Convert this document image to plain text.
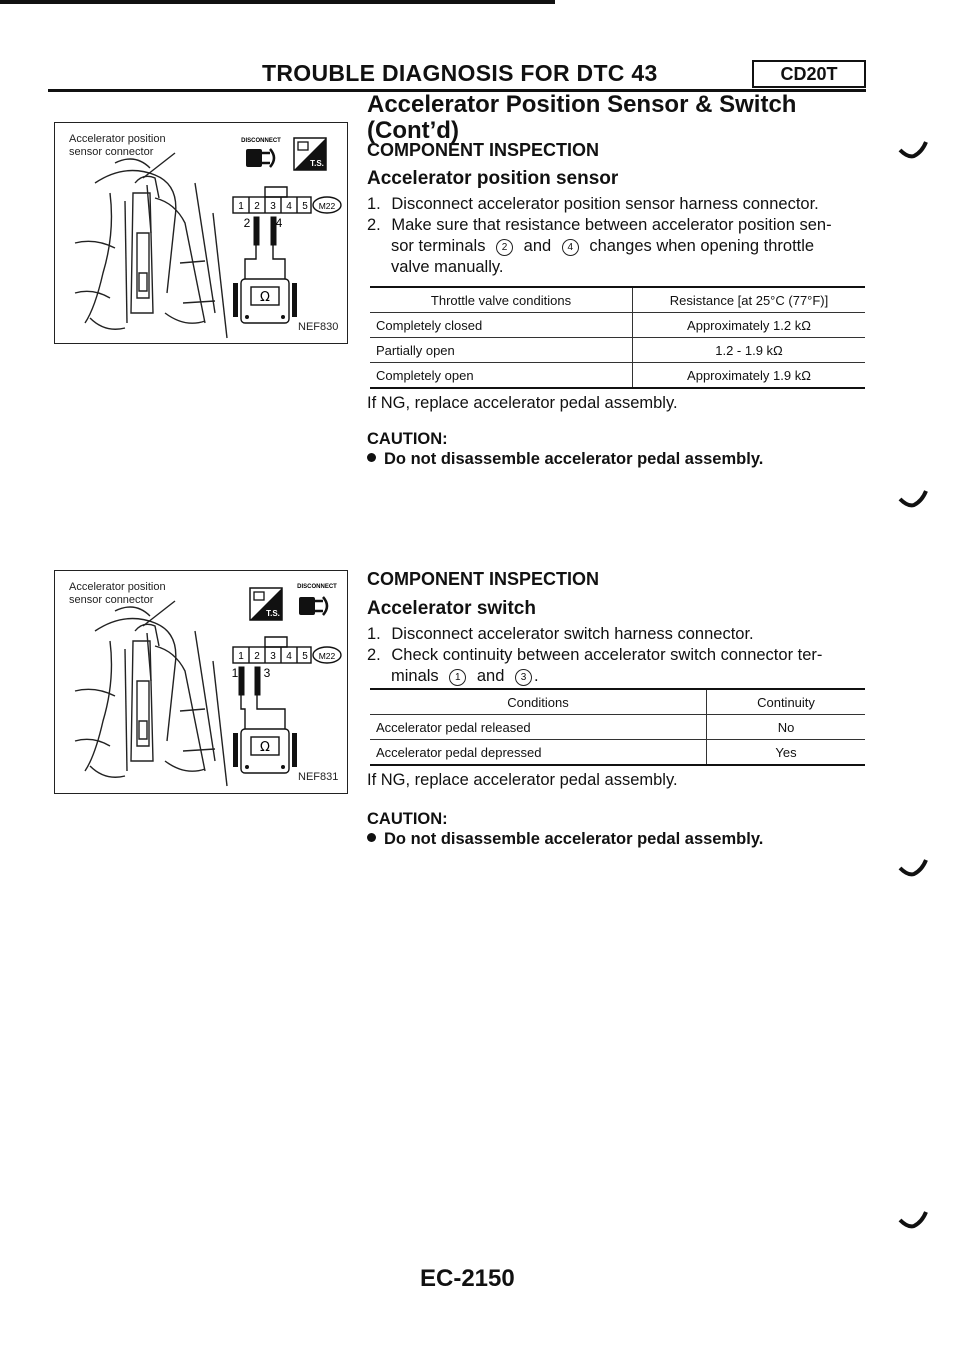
TROUBLE DIAGNOSIS FOR DTC 43	CD20T
Accelerator Position Sensor & Switch
(Cont’d)
Accelerator position
sensor connector
DISCONNECT
T.S.
1 2 3 4 5 M22
2 4
Ω
NEF830
COMPONENT INSPECTION
Accelerator position sensor
1. Disconnect accelerator position sensor harness connector.
2. Make sure that resistance between accelerator position sen-
sor terminals 2 and 4 changes when opening throttle
valve manually.
Throttle valve conditions	Resistance [at 25°C (77°F)]
Completely closed	Approximately 1.2 kΩ
Partially open	1.2 - 1.9 kΩ
Completely open	Approximately 1.9 kΩ
If NG, replace accelerator pedal assembly.
CAUTION:
Do not disassemble accelerator pedal assembly.
Accelerator position
sensor connector
T.S.
DISCONNECT
1 2 3 4 5 M22
1 3
Ω
NEF831
COMPONENT INSPECTION
Accelerator switch
1. Disconnect accelerator switch harness connector.
2. Check continuity between accelerator switch connector ter-
minals 1 and 3 .
Conditions	Continuity
Accelerator pedal released	No
Accelerator pedal depressed	Yes
If NG, replace accelerator pedal assembly.
CAUTION:
Do not disassemble accelerator pedal assembly.
EC-2150
